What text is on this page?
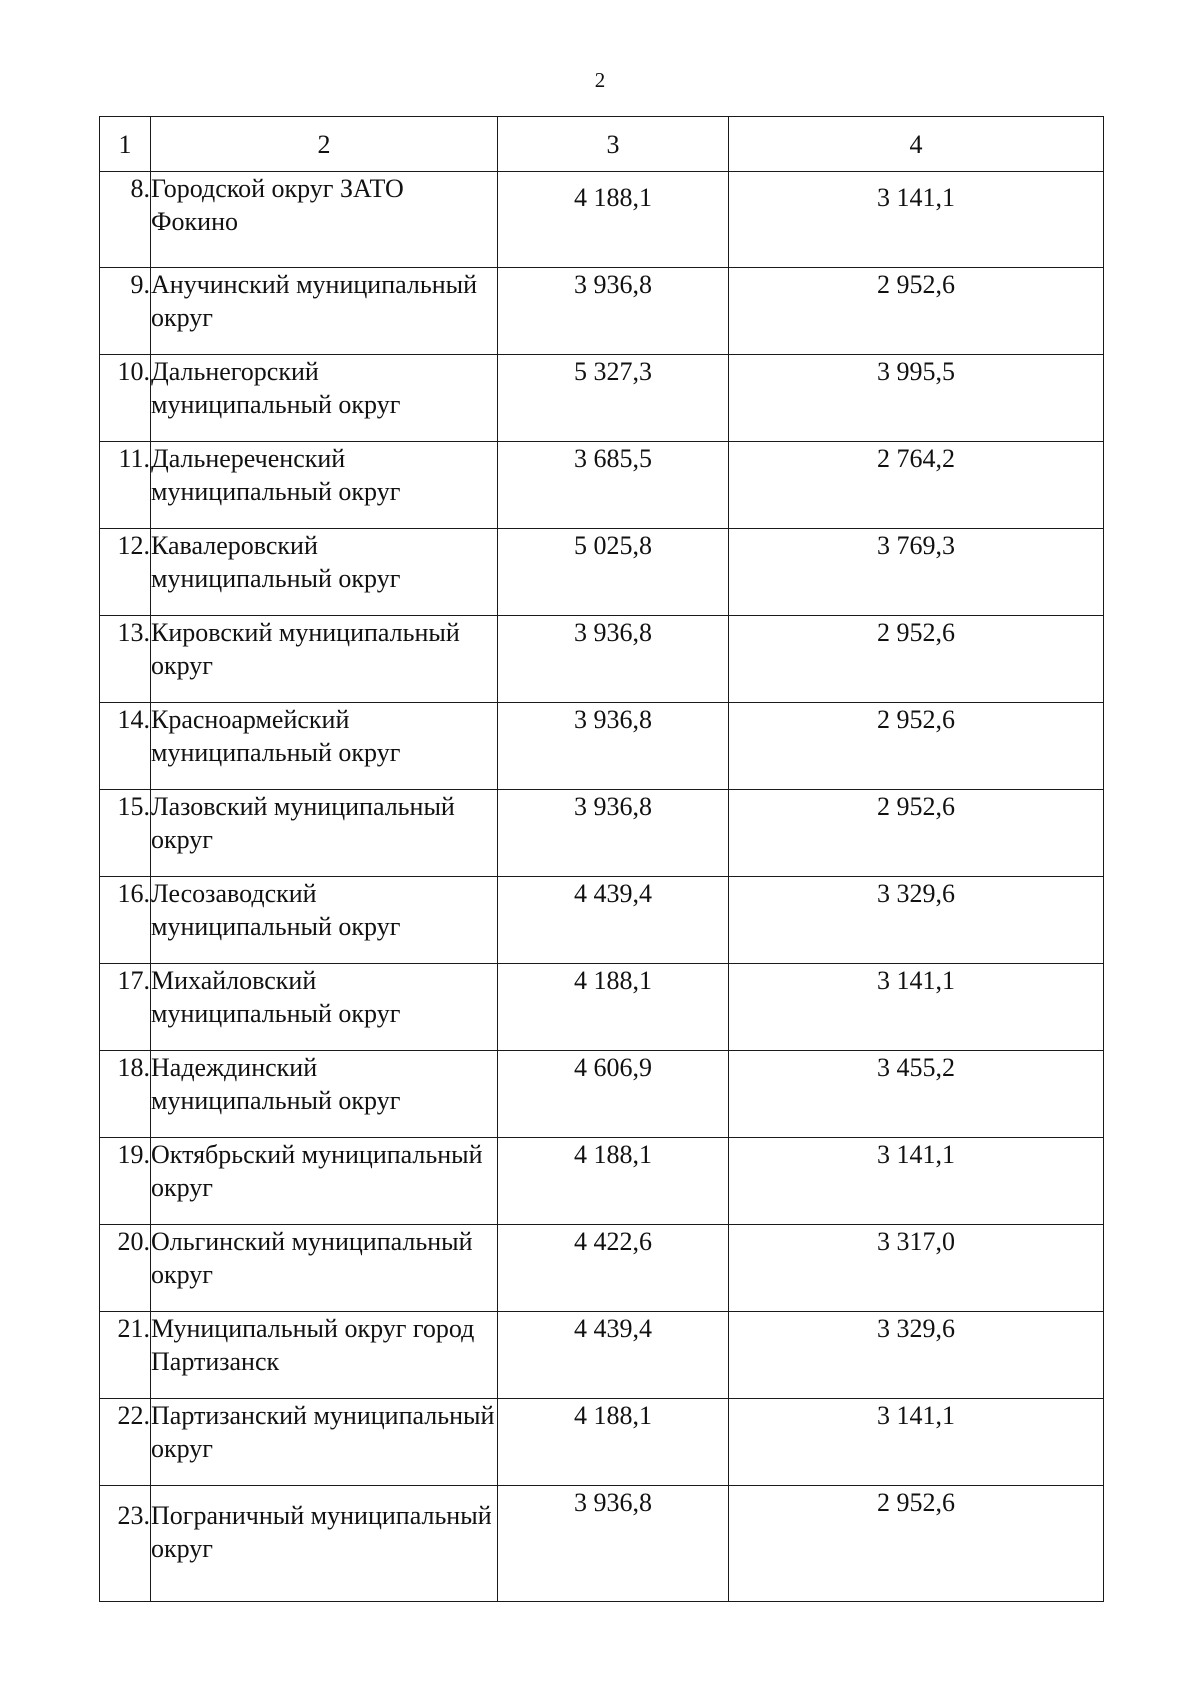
2
1	2	3	4
8.	Городской округ ЗАТО Фокино	4 188,1	3 141,1
9.	Анучинский муниципальный округ	3 936,8	2 952,6
10.	Дальнегорский муниципальный округ	5 327,3	3 995,5
11.	Дальнереченский муниципальный округ	3 685,5	2 764,2
12.	Кавалеровский муниципальный округ	5 025,8	3 769,3
13.	Кировский муниципальный округ	3 936,8	2 952,6
14.	Красноармейский муниципальный округ	3 936,8	2 952,6
15.	Лазовский муниципальный округ	3 936,8	2 952,6
16.	Лесозаводский муниципальный округ	4 439,4	3 329,6
17.	Михайловский муниципальный округ	4 188,1	3 141,1
18.	Надеждинский муниципальный округ	4 606,9	3 455,2
19.	Октябрьский муниципальный округ	4 188,1	3 141,1
20.	Ольгинский муниципальный округ	4 422,6	3 317,0
21.	Муниципальный округ город Партизанск	4 439,4	3 329,6
22.	Партизанский муниципальный округ	4 188,1	3 141,1
23.	Пограничный муниципальный округ	3 936,8	2 952,6
